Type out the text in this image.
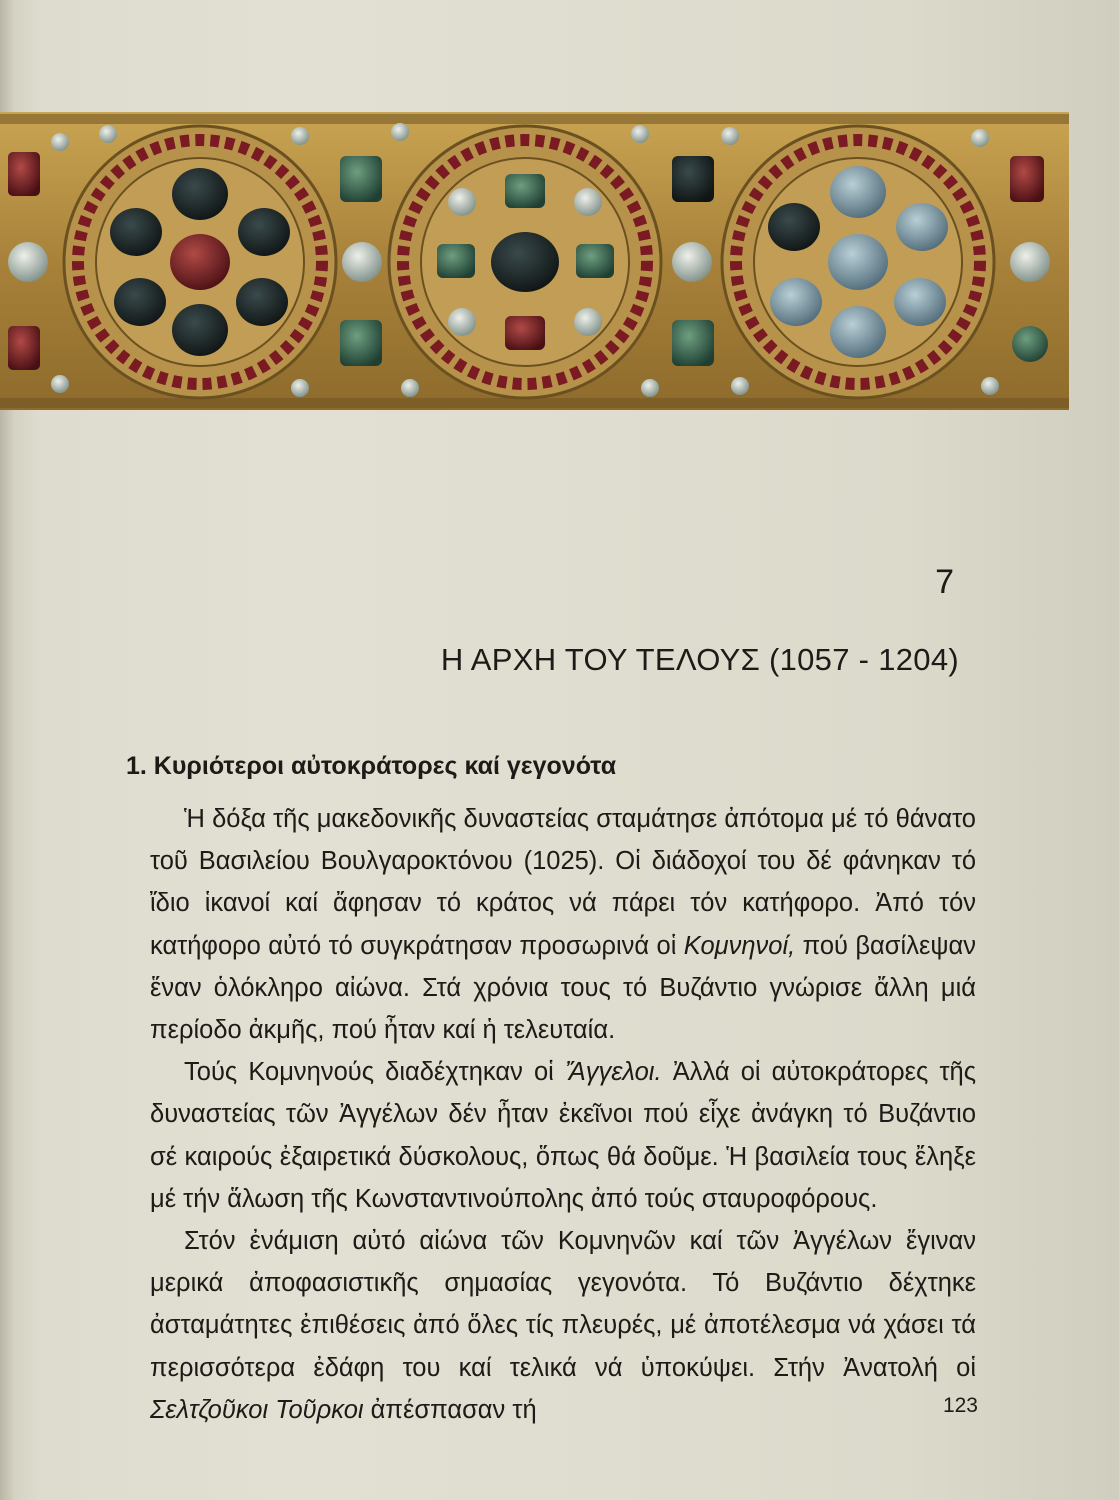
7
Η ΑΡΧΗ ΤΟΥ ΤΕΛΟΥΣ (1057 - 1204)
1. Κυριότεροι αὐτοκράτορες καί γεγονότα

Ἡ δόξα τῆς μακεδονικῆς δυναστείας σταμάτησε ἀπότομα μέ τό θάνατο τοῦ Βασιλείου Βουλγαροκτόνου (1025). Οἱ διάδοχοί του δέ φάνηκαν τό ἴδιο ἱκανοί καί ἄφησαν τό κράτος νά πάρει τόν κατήφορο. Ἀπό τόν κατήφορο αὐτό τό συγκράτησαν προσωρινά οἱ Κομνηνοί, πού βασίλεψαν ἕναν ὁλόκληρο αἰώνα. Στά χρόνια τους τό Βυζάντιο γνώρισε ἄλλη μιά περίοδο ἀκμῆς, πού ἦταν καί ἡ τελευταία.

Τούς Κομνηνούς διαδέχτηκαν οἱ Ἄγγελοι. Ἀλλά οἱ αὐτοκράτορες τῆς δυναστείας τῶν Ἀγγέλων δέν ἦταν ἐκεῖνοι πού εἶχε ἀνάγκη τό Βυζάντιο σέ καιρούς ἐξαιρετικά δύσκολους, ὅπως θά δοῦμε. Ἡ βασιλεία τους ἔληξε μέ τήν ἅλωση τῆς Κωνσταντινούπολης ἀπό τούς σταυροφόρους.

Στόν ἐνάμιση αὐτό αἰώνα τῶν Κομνηνῶν καί τῶν Ἀγγέλων ἔγιναν μερικά ἀποφασιστικῆς σημασίας γεγονότα. Τό Βυζάντιο δέχτηκε ἀσταμάτητες ἐπιθέσεις ἀπό ὅλες τίς πλευρές, μέ ἀποτέλεσμα νά χάσει τά περισσότερα ἐδάφη του καί τελικά νά ὑποκύψει. Στήν Ἀνατολή οἱ Σελτζοῦκοι Τοῦρκοι ἀπέσπασαν τή	123
